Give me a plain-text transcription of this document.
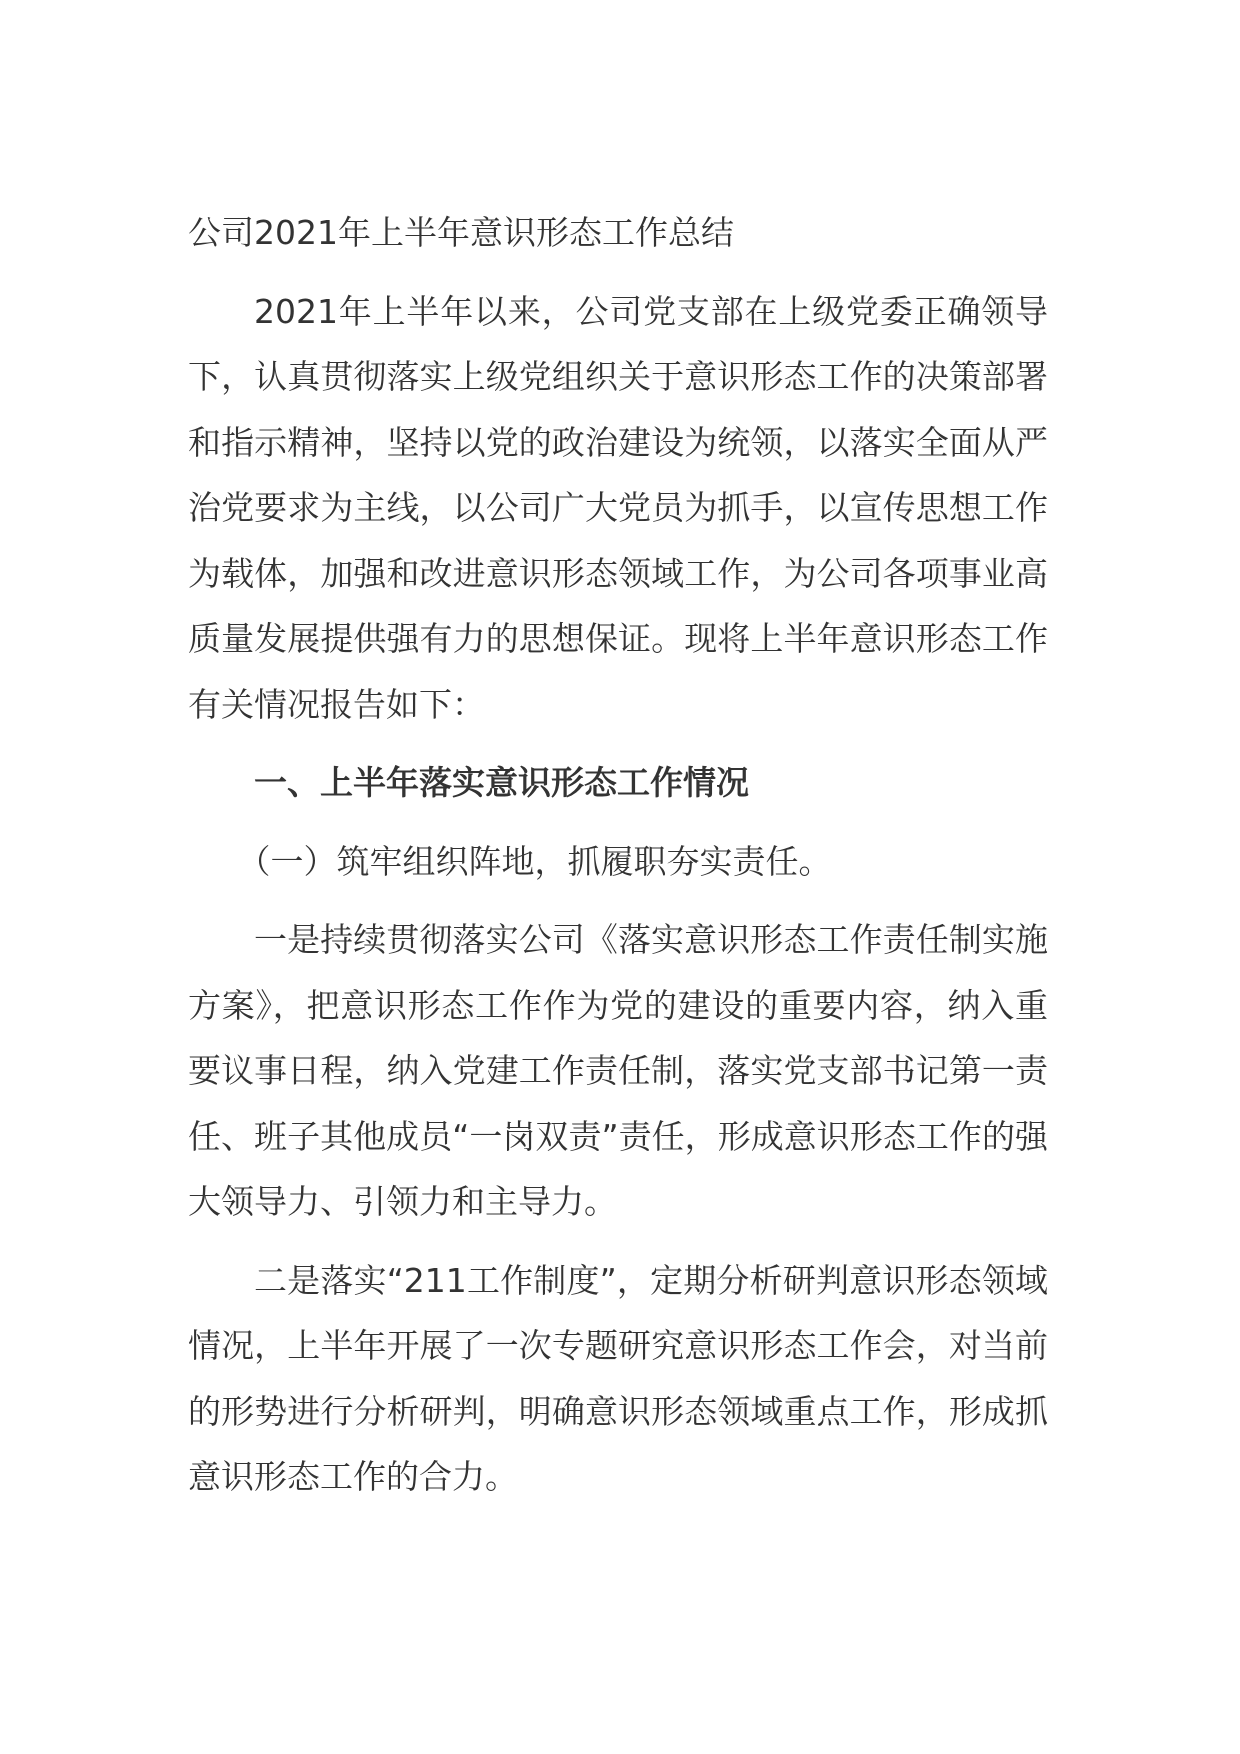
公司2021年上半年意识形态工作总结

2021年上半年以来，公司党支部在上级党委正确领导下，认真贯彻落实上级党组织关于意识形态工作的决策部署和指示精神，坚持以党的政治建设为统领，以落实全面从严治党要求为主线，以公司广大党员为抓手，以宣传思想工作为载体，加强和改进意识形态领域工作，为公司各项事业高质量发展提供强有力的思想保证。现将上半年意识形态工作有关情况报告如下：

一、上半年落实意识形态工作情况

（一）筑牢组织阵地，抓履职夯实责任。

一是持续贯彻落实公司《落实意识形态工作责任制实施方案》，把意识形态工作作为党的建设的重要内容，纳入重要议事日程，纳入党建工作责任制，落实党支部书记第一责任、班子其他成员“一岗双责”责任，形成意识形态工作的强大领导力、引领力和主导力。

二是落实“211工作制度”，定期分析研判意识形态领域情况，上半年开展了一次专题研究意识形态工作会，对当前的形势进行分析研判，明确意识形态领域重点工作，形成抓意识形态工作的合力。
